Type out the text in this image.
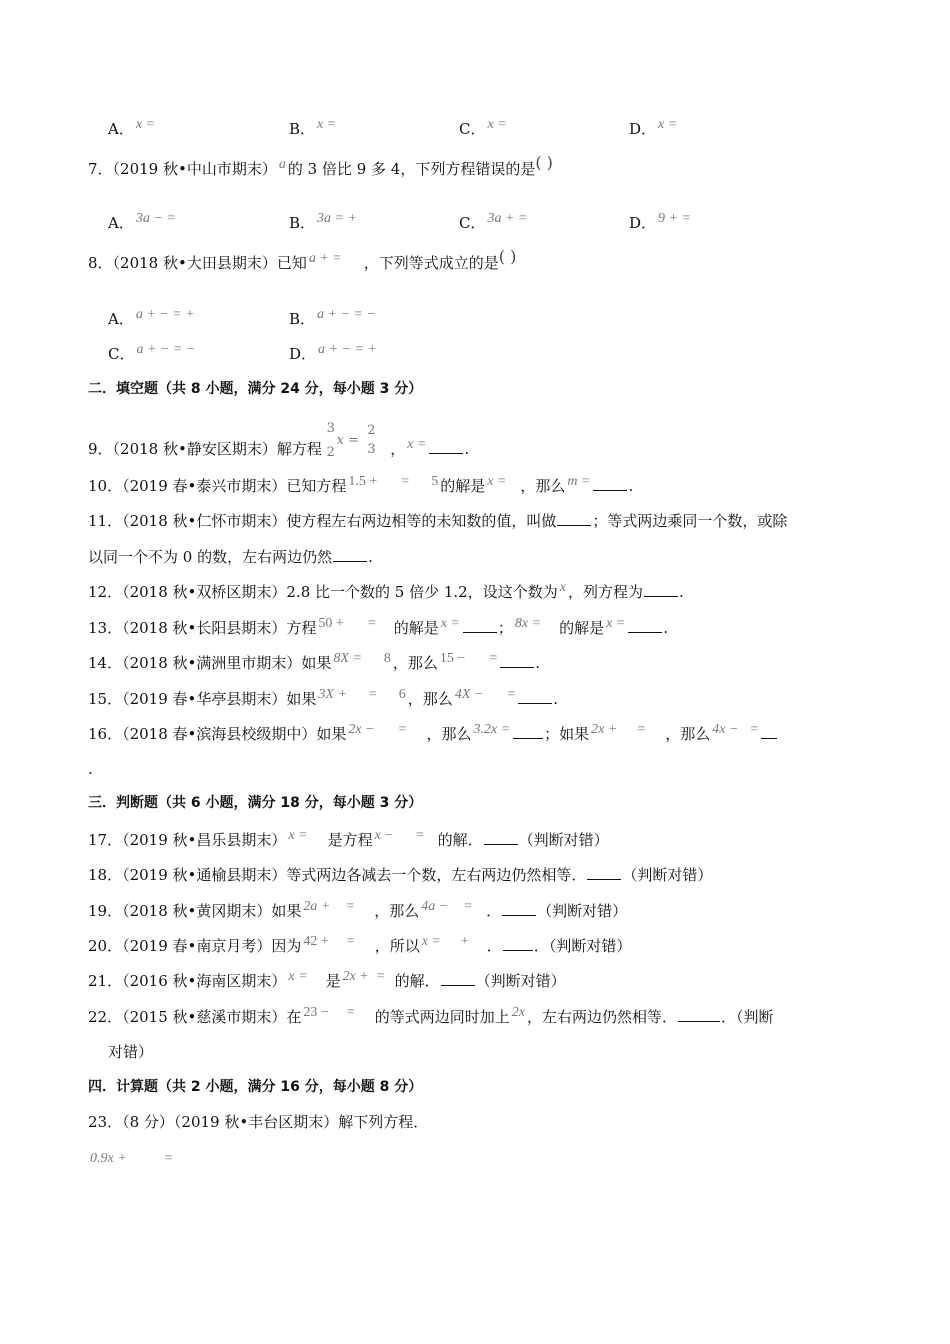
A． x =	B． x =	C． x =	D． x =
7．（2019 秋•中山市期末） a 的 3 倍比 9 多 4，下列方程错误的是( )
A． 3a − =	B． 3a = +	C． 3a + =	D． 9 + =
8．（2018 秋•大田县期末）已知 a + = ，下列等式成立的是( )
A． a + − = +	B． a + − = −
C． a + − = −	D． a + − = +
二．填空题（共 8 小题，满分 24 分，每小题 3 分）
9．（2018 秋•静安区期末）解方程
3
2
x =

2
3 ， x =	.
10．（2019 春•泰兴市期末）已知方程 1.5 + = 5 的解是 x = ，那么 m =	.
11．（2018 秋•仁怀市期末）使方程左右两边相等的未知数的值，叫做 ；等式两边乘同一个数，或除
以同一个不为 0 的数，左右两边仍然 .
12．（2018 秋•双桥区期末）2.8 比一个数的 5 倍少 1.2，设这个数为 x ，列方程为 .
13．（2018 秋•长阳县期末）方程 50 + = 的解是 x =	； 8x = 的解是 x =	.
14．（2018 秋•满洲里市期末）如果 8X = 8 ，那么 15 − =	.
15．（2019 春•华亭县期末）如果 3X + = 6 ，那么 4X − =	.
16．（2018 春•滨海县校级期中）如果 2x − = ，那么 3.2x = ；如果 2x + = ，那么 4x − =
.
三．判断题（共 6 小题，满分 18 分，每小题 3 分）
17．（2019 秋•昌乐县期末） x = 是方程 x − = 的解． （判断对错）
18．（2019 秋•通榆县期末）等式两边各减去一个数，左右两边仍然相等． （判断对错）
19．（2018 秋•黄冈期末）如果 2a + = ，那么 4a − = ． （判断对错）
20．（2019 春•南京月考）因为 42 + = ，所以 x = + ． ．（判断对错）
21．（2016 秋•海南区期末） x = 是 2x + = 的解． （判断对错）
22．（2015 秋•慈溪市期末）在 23 − = 的等式两边同时加上 2x ，左右两边仍然相等．	．（判断
对错）
四．计算题（共 2 小题，满分 16 分，每小题 8 分）
23．（8 分）（2019 秋•丰台区期末）解下列方程．
0.9x +	=
